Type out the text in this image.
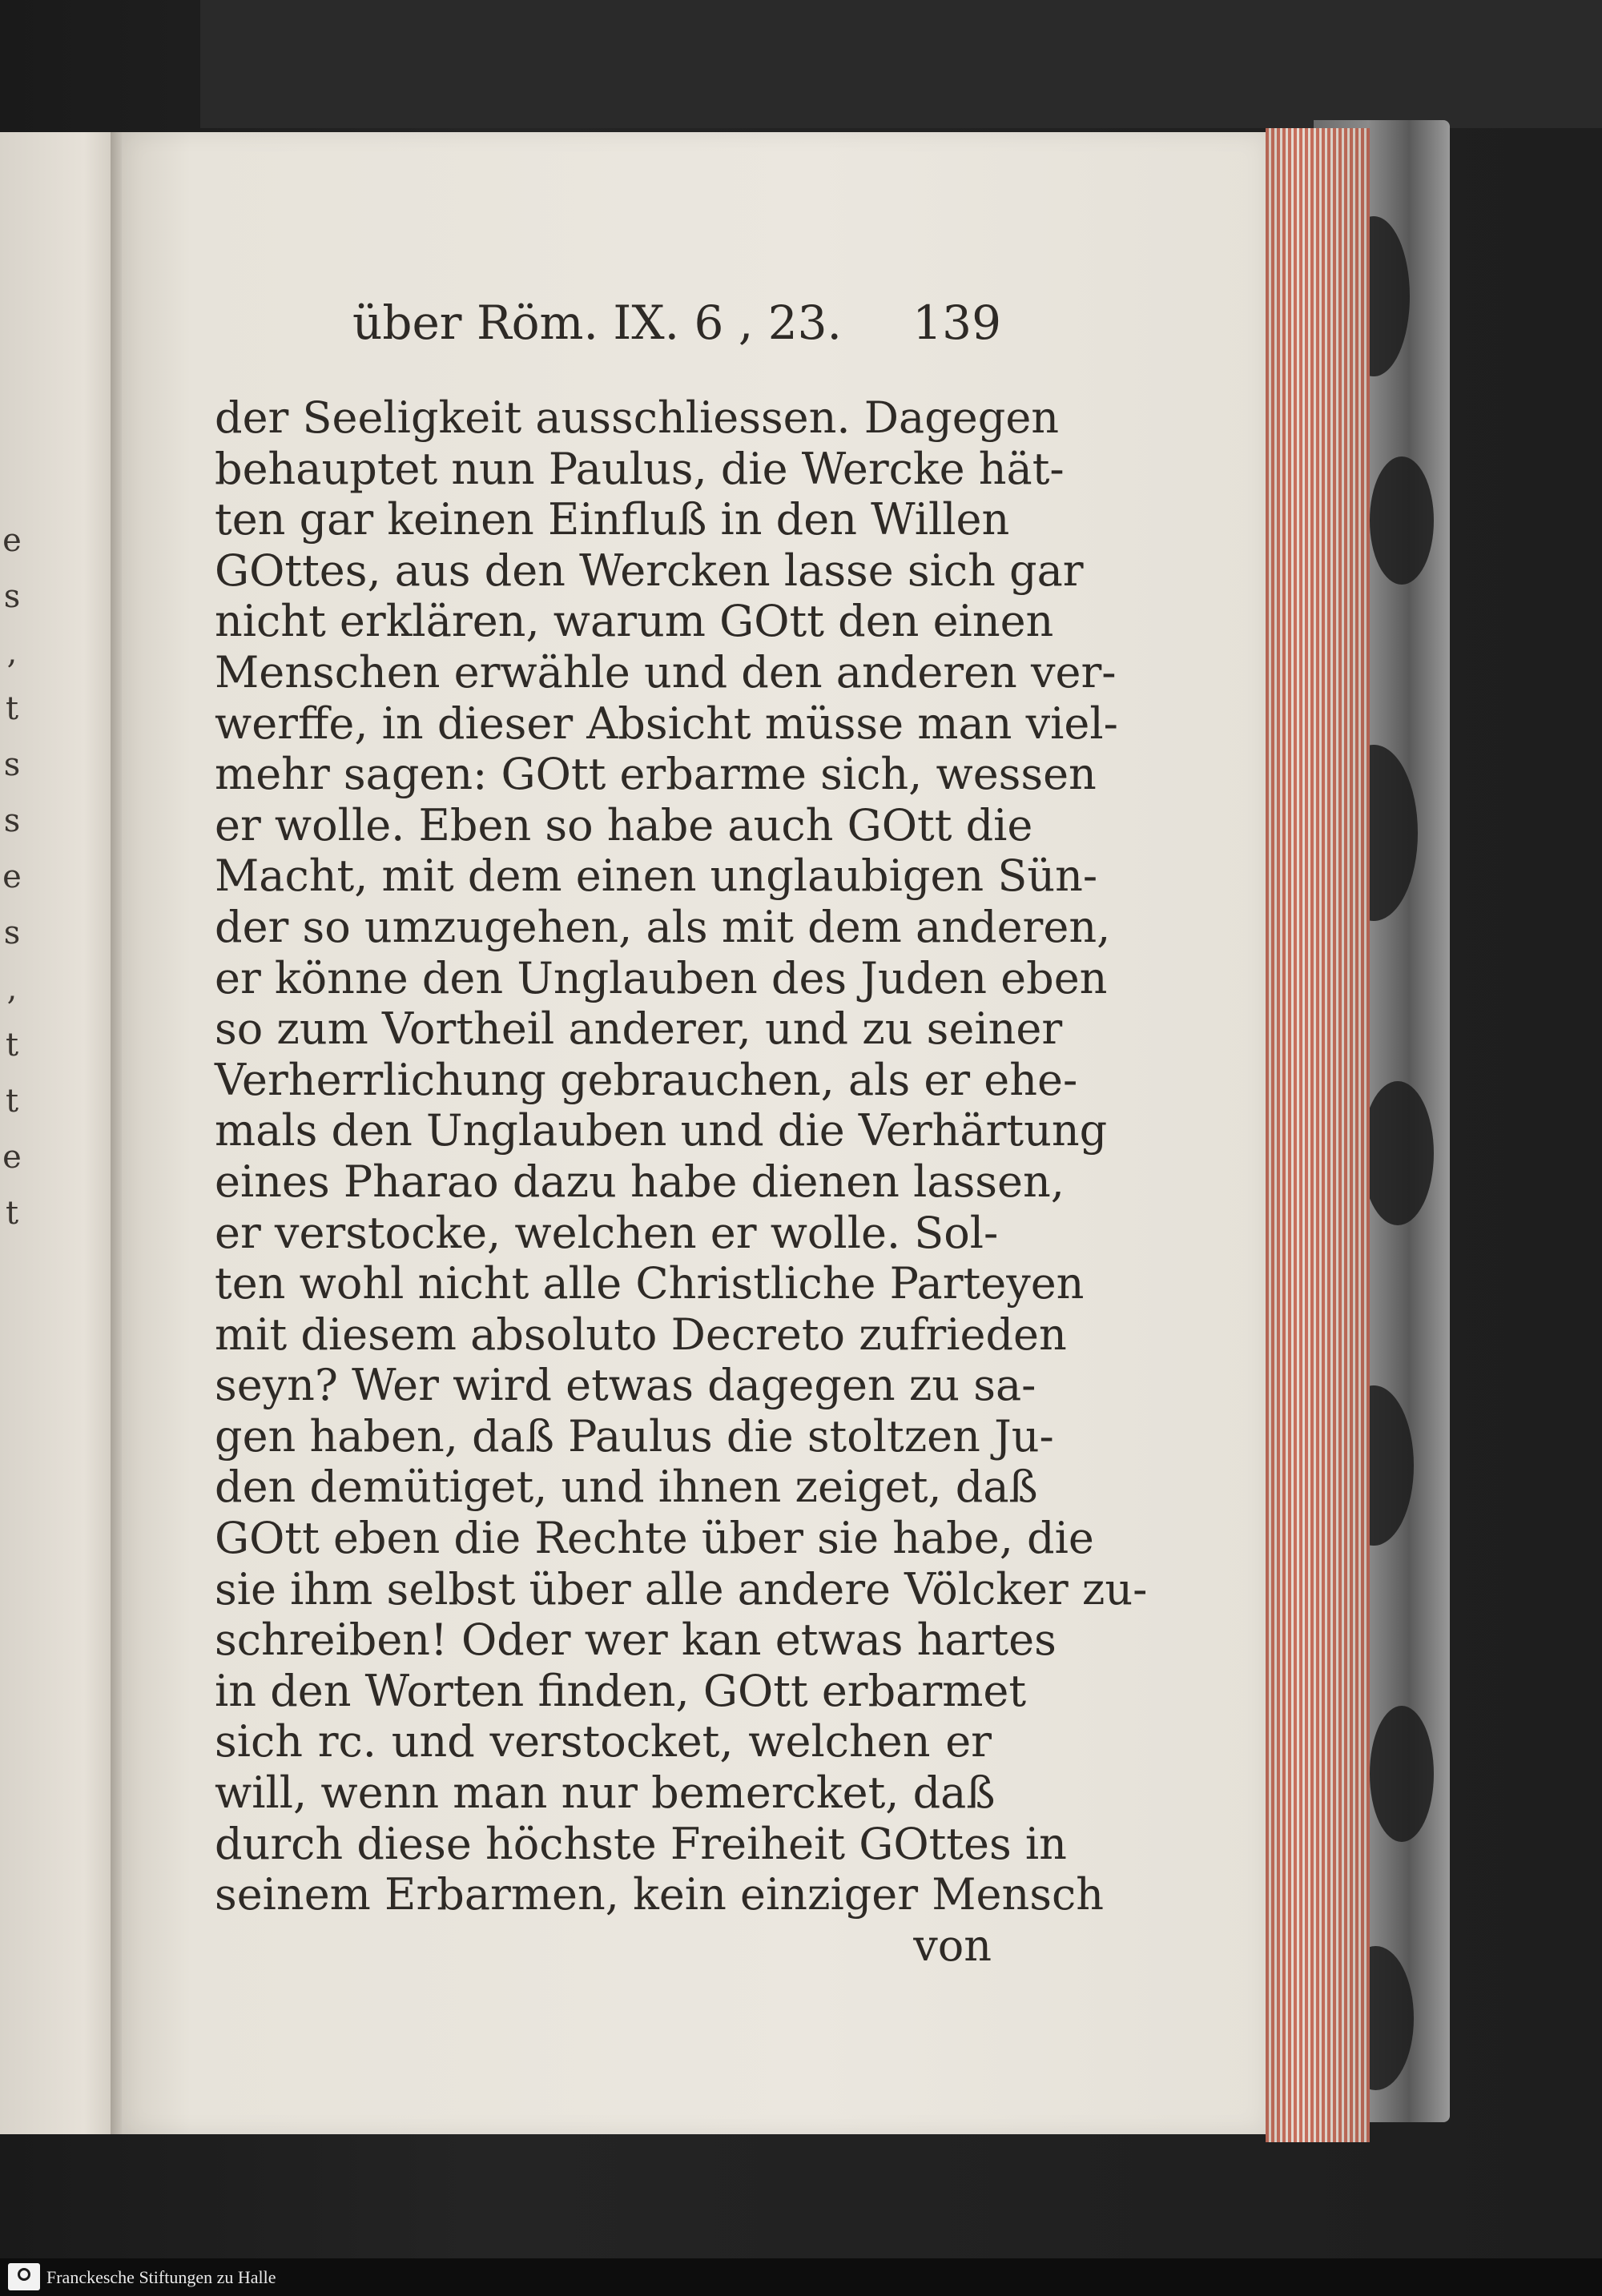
e
s
,
t
s
s
e
s
,
t
t
e
t
über Röm. IX. 6 , 23. 139
der Seeligkeit ausschliessen. Dagegen
behauptet nun Paulus, die Wercke hät-
ten gar keinen Einfluß in den Willen
GOttes, aus den Wercken lasse sich gar
nicht erklären, warum GOtt den einen
Menschen erwähle und den anderen ver-
werffe, in dieser Absicht müsse man viel-
mehr sagen: GOtt erbarme sich, wessen
er wolle. Eben so habe auch GOtt die
Macht, mit dem einen unglaubigen Sün-
der so umzugehen, als mit dem anderen,
er könne den Unglauben des Juden eben
so zum Vortheil anderer, und zu seiner
Verherrlichung gebrauchen, als er ehe-
mals den Unglauben und die Verhärtung
eines Pharao dazu habe dienen lassen,
er verstocke, welchen er wolle. Sol-
ten wohl nicht alle Christliche Parteyen
mit diesem absoluto Decreto zufrieden
seyn? Wer wird etwas dagegen zu sa-
gen haben, daß Paulus die stoltzen Ju-
den demütiget, und ihnen zeiget, daß
GOtt eben die Rechte über sie habe, die
sie ihm selbst über alle andere Völcker zu-
schreiben! Oder wer kan etwas hartes
in den Worten finden, GOtt erbarmet
sich rc. und verstocket, welchen er
will, wenn man nur bemercket, daß
durch diese höchste Freiheit GOttes in
seinem Erbarmen, kein einziger Mensch
von
Franckesche Stiftungen zu Halle
